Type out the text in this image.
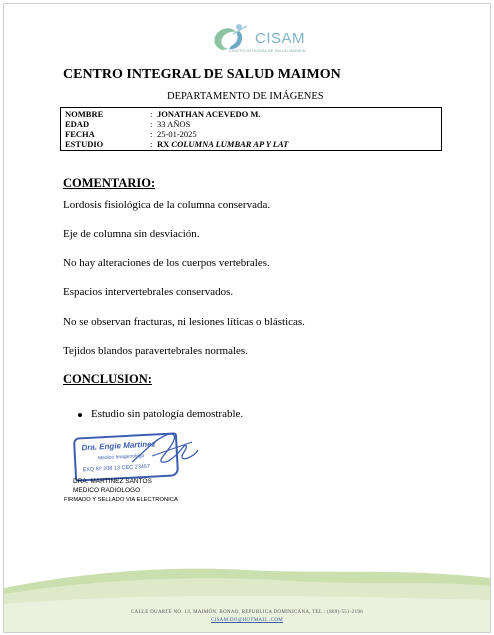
CISAM
CENTRO INTEGRAL DE SALUD MAIMON
CENTRO INTEGRAL DE SALUD MAIMON
DEPARTAMENTO DE IMÁGENES
NOMBRE	: JONATHAN ACEVEDO M.
EDAD	: 33 AÑOS
FECHA	: 25-01-2025
ESTUDIO	: RX COLUMNA LUMBAR AP Y LAT
COMENTARIO:
Lordosis fisiológica de la columna conservada.
Eje de columna sin desviación.
No hay alteraciones de los cuerpos vertebrales.
Espacios intervertebrales conservados.
No se observan fracturas, ni lesiones líticas o blásticas.
Tejidos blandos paravertebrales normales.
CONCLUSION:
Estudio sin patología demostrable.
Dra. Engie Martinez
Medico Imagenologo
EXQ Nº 208 13 CEC 23457
DRA. MARTINEZ SANTOS
MEDICO RADIOLOGO
FIRMADO Y SELLADO VIA ELECTRONICA
CALLE DUARTE NO. 13, MAIMÓN, BONAO, REPUBLICA DOMINICANA, TEL.: (809)-551-2196
CISAM.DO@HOTMAIL .COM
